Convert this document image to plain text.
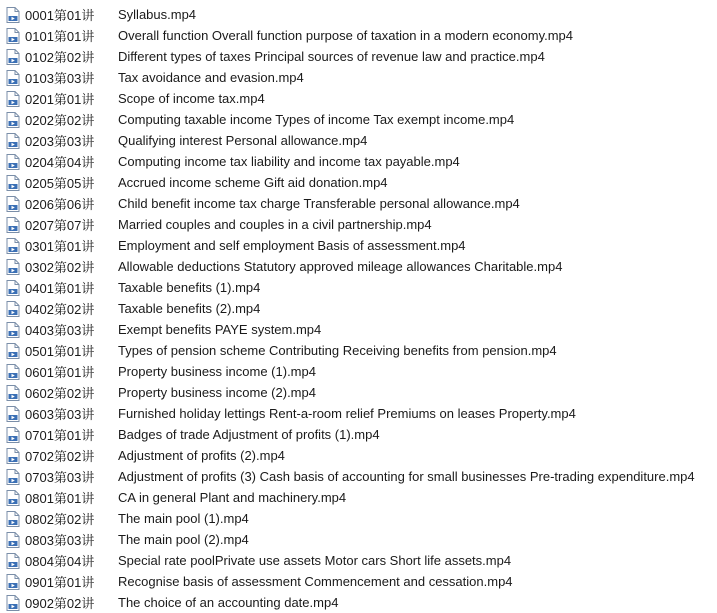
0001第01讲	Syllabus.mp4
0101第01讲	Overall function Overall function purpose of taxation in a modern economy.mp4
0102第02讲	Different types of taxes Principal sources of revenue law and practice.mp4
0103第03讲	Tax avoidance and evasion.mp4
0201第01讲	Scope of income tax.mp4
0202第02讲	Computing taxable income Types of income Tax exempt income.mp4
0203第03讲	Qualifying interest Personal allowance.mp4
0204第04讲	Computing income tax liability and income tax payable.mp4
0205第05讲	Accrued income scheme Gift aid donation.mp4
0206第06讲	Child benefit income tax charge Transferable personal allowance.mp4
0207第07讲	Married couples and couples in a civil partnership.mp4
0301第01讲	Employment and self employment Basis of assessment.mp4
0302第02讲	Allowable deductions Statutory approved mileage allowances Charitable.mp4
0401第01讲	Taxable benefits (1).mp4
0402第02讲	Taxable benefits (2).mp4
0403第03讲	Exempt benefits PAYE system.mp4
0501第01讲	Types of pension scheme Contributing Receiving benefits from pension.mp4
0601第01讲	Property business income (1).mp4
0602第02讲	Property business income (2).mp4
0603第03讲	Furnished holiday lettings Rent-a-room relief Premiums on leases Property.mp4
0701第01讲	Badges of trade Adjustment of profits (1).mp4
0702第02讲	Adjustment of profits (2).mp4
0703第03讲	Adjustment of profits (3) Cash basis of accounting for small businesses Pre-trading expenditure.mp4
0801第01讲	CA in general Plant and machinery.mp4
0802第02讲	The main pool (1).mp4
0803第03讲	The main pool (2).mp4
0804第04讲	Special rate poolPrivate use assets Motor cars Short life assets.mp4
0901第01讲	Recognise basis of assessment Commencement and cessation.mp4
0902第02讲	The choice of an accounting date.mp4
